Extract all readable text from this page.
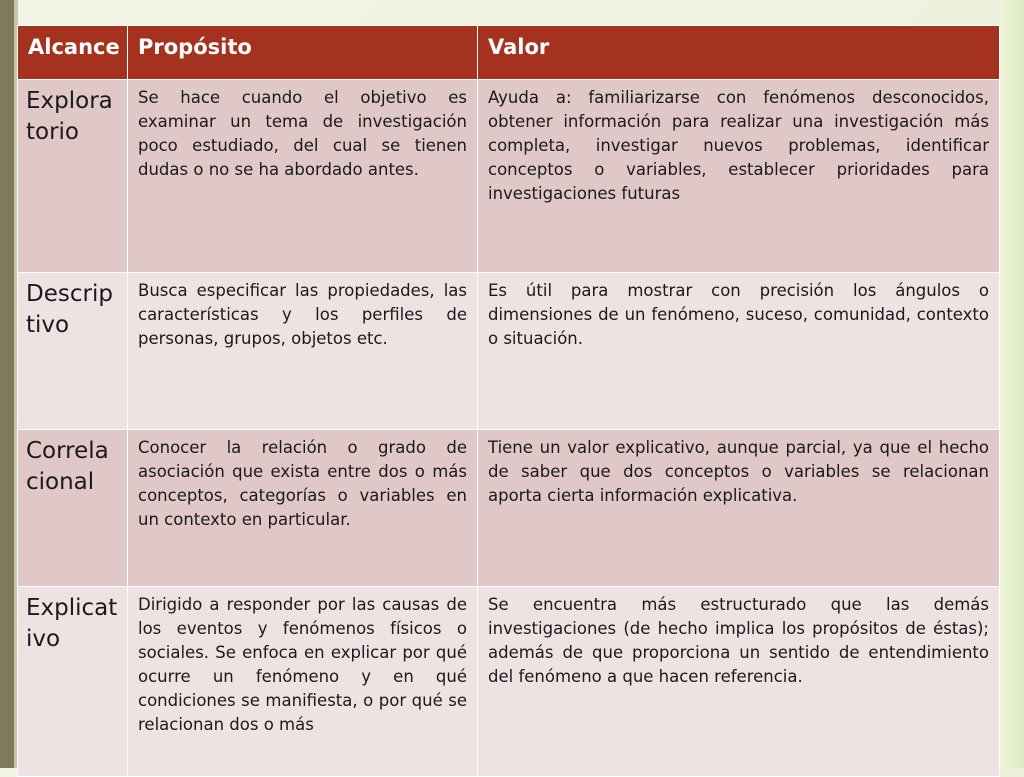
Alcance	Propósito	Valor
Exploratorio	Se hace cuando el objetivo es examinar un tema de investigación poco estudiado, del cual se tienen dudas o no se ha abordado antes.	Ayuda a: familiarizarse con fenómenos desconocidos, obtener información para realizar una investigación más completa, investigar nuevos problemas, identificar conceptos o variables, establecer prioridades para investigaciones futuras
Descriptivo	Busca especificar las propiedades, las características y los perfiles de personas, grupos, objetos etc.	Es útil para mostrar con precisión los ángulos o dimensiones de un fenómeno, suceso, comunidad, contexto o situación.
Correlacional	Conocer la relación o grado de asociación que exista entre dos o más conceptos, categorías o variables en un contexto en particular.	Tiene un valor explicativo, aunque parcial, ya que el hecho de saber que dos conceptos o variables se relacionan aporta cierta información explicativa.
Explicativo	Dirigido a responder por las causas de los eventos y fenómenos físicos o sociales. Se enfoca en explicar por qué ocurre un fenómeno y en qué condiciones se manifiesta, o por qué se relacionan dos o más	Se encuentra más estructurado que las demás investigaciones (de hecho implica los propósitos de éstas); además de que proporciona un sentido de entendimiento del fenómeno a que hacen referencia.
